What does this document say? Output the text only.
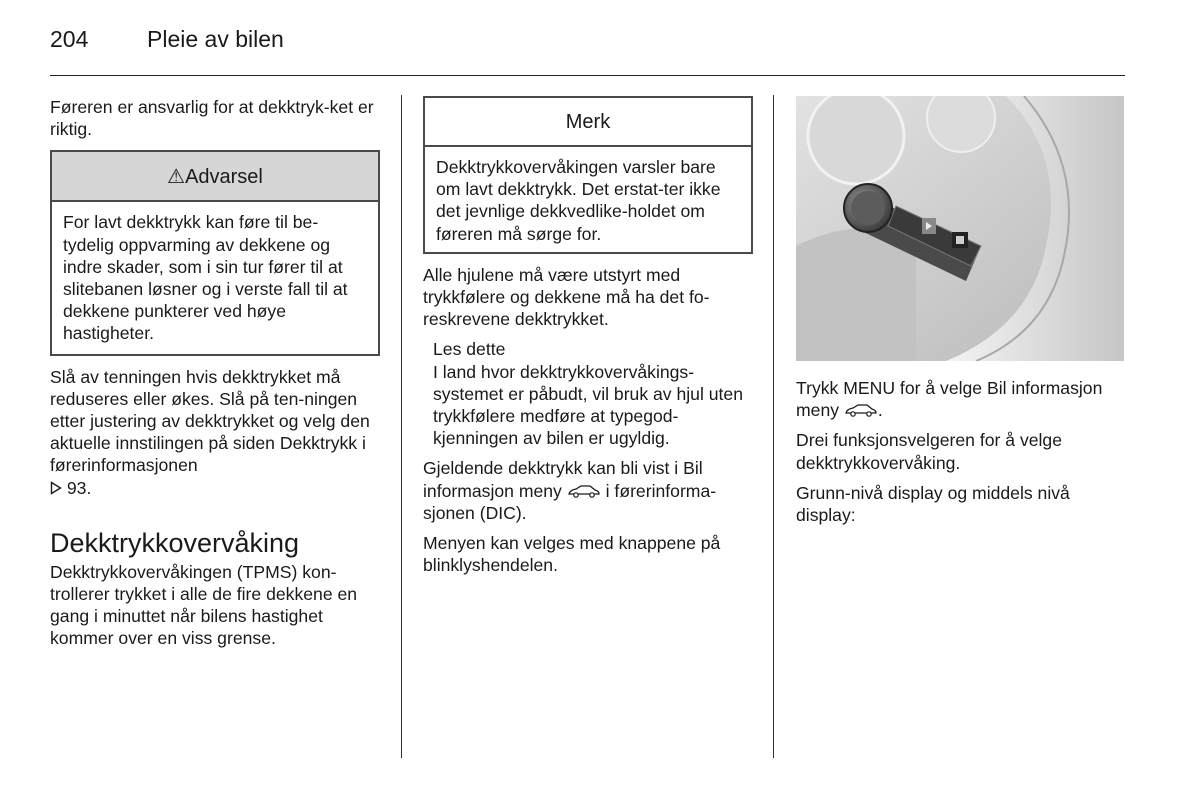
204	Pleie av bilen

Føreren er ansvarlig for at dekktryk-ket er riktig.

⚠Advarsel
For lavt dekktrykk kan føre til be-tydelig oppvarming av dekkene og indre skader, som i sin tur fører til at slitebanen løsner og i verste fall til at dekkene punkterer ved høye hastigheter.

Slå av tenningen hvis dekktrykket må reduseres eller økes. Slå på ten-ningen etter justering av dekktrykket og velg den aktuelle innstilingen på siden Dekktrykk i førerinformasjonen
93.

Dekktrykkovervåking

Dekktrykkovervåkingen (TPMS) kon-trollerer trykket i alle de fire dekkene en gang i minuttet når bilens hastighet kommer over en viss grense.

Merk
Dekktrykkovervåkingen varsler bare om lavt dekktrykk. Det erstat-ter ikke det jevnlige dekkvedlike-holdet om føreren må sørge for.

Alle hjulene må være utstyrt med trykkfølere og dekkene må ha det fo-reskrevene dekktrykket.

Les dette
I land hvor dekktrykkovervåkings-systemet er påbudt, vil bruk av hjul uten trykkfølere medføre at typegod-kjenningen av bilen er ugyldig.

Gjeldende dekktrykk kan bli vist i Bil informasjon meny  i førerinforma-sjonen (DIC).

Menyen kan velges med knappene på blinklyshendelen.

Trykk MENU for å velge Bil informasjon meny .

Drei funksjonsvelgeren for å velge dekktrykkovervåking.

Grunn-nivå display og middels nivå display:
